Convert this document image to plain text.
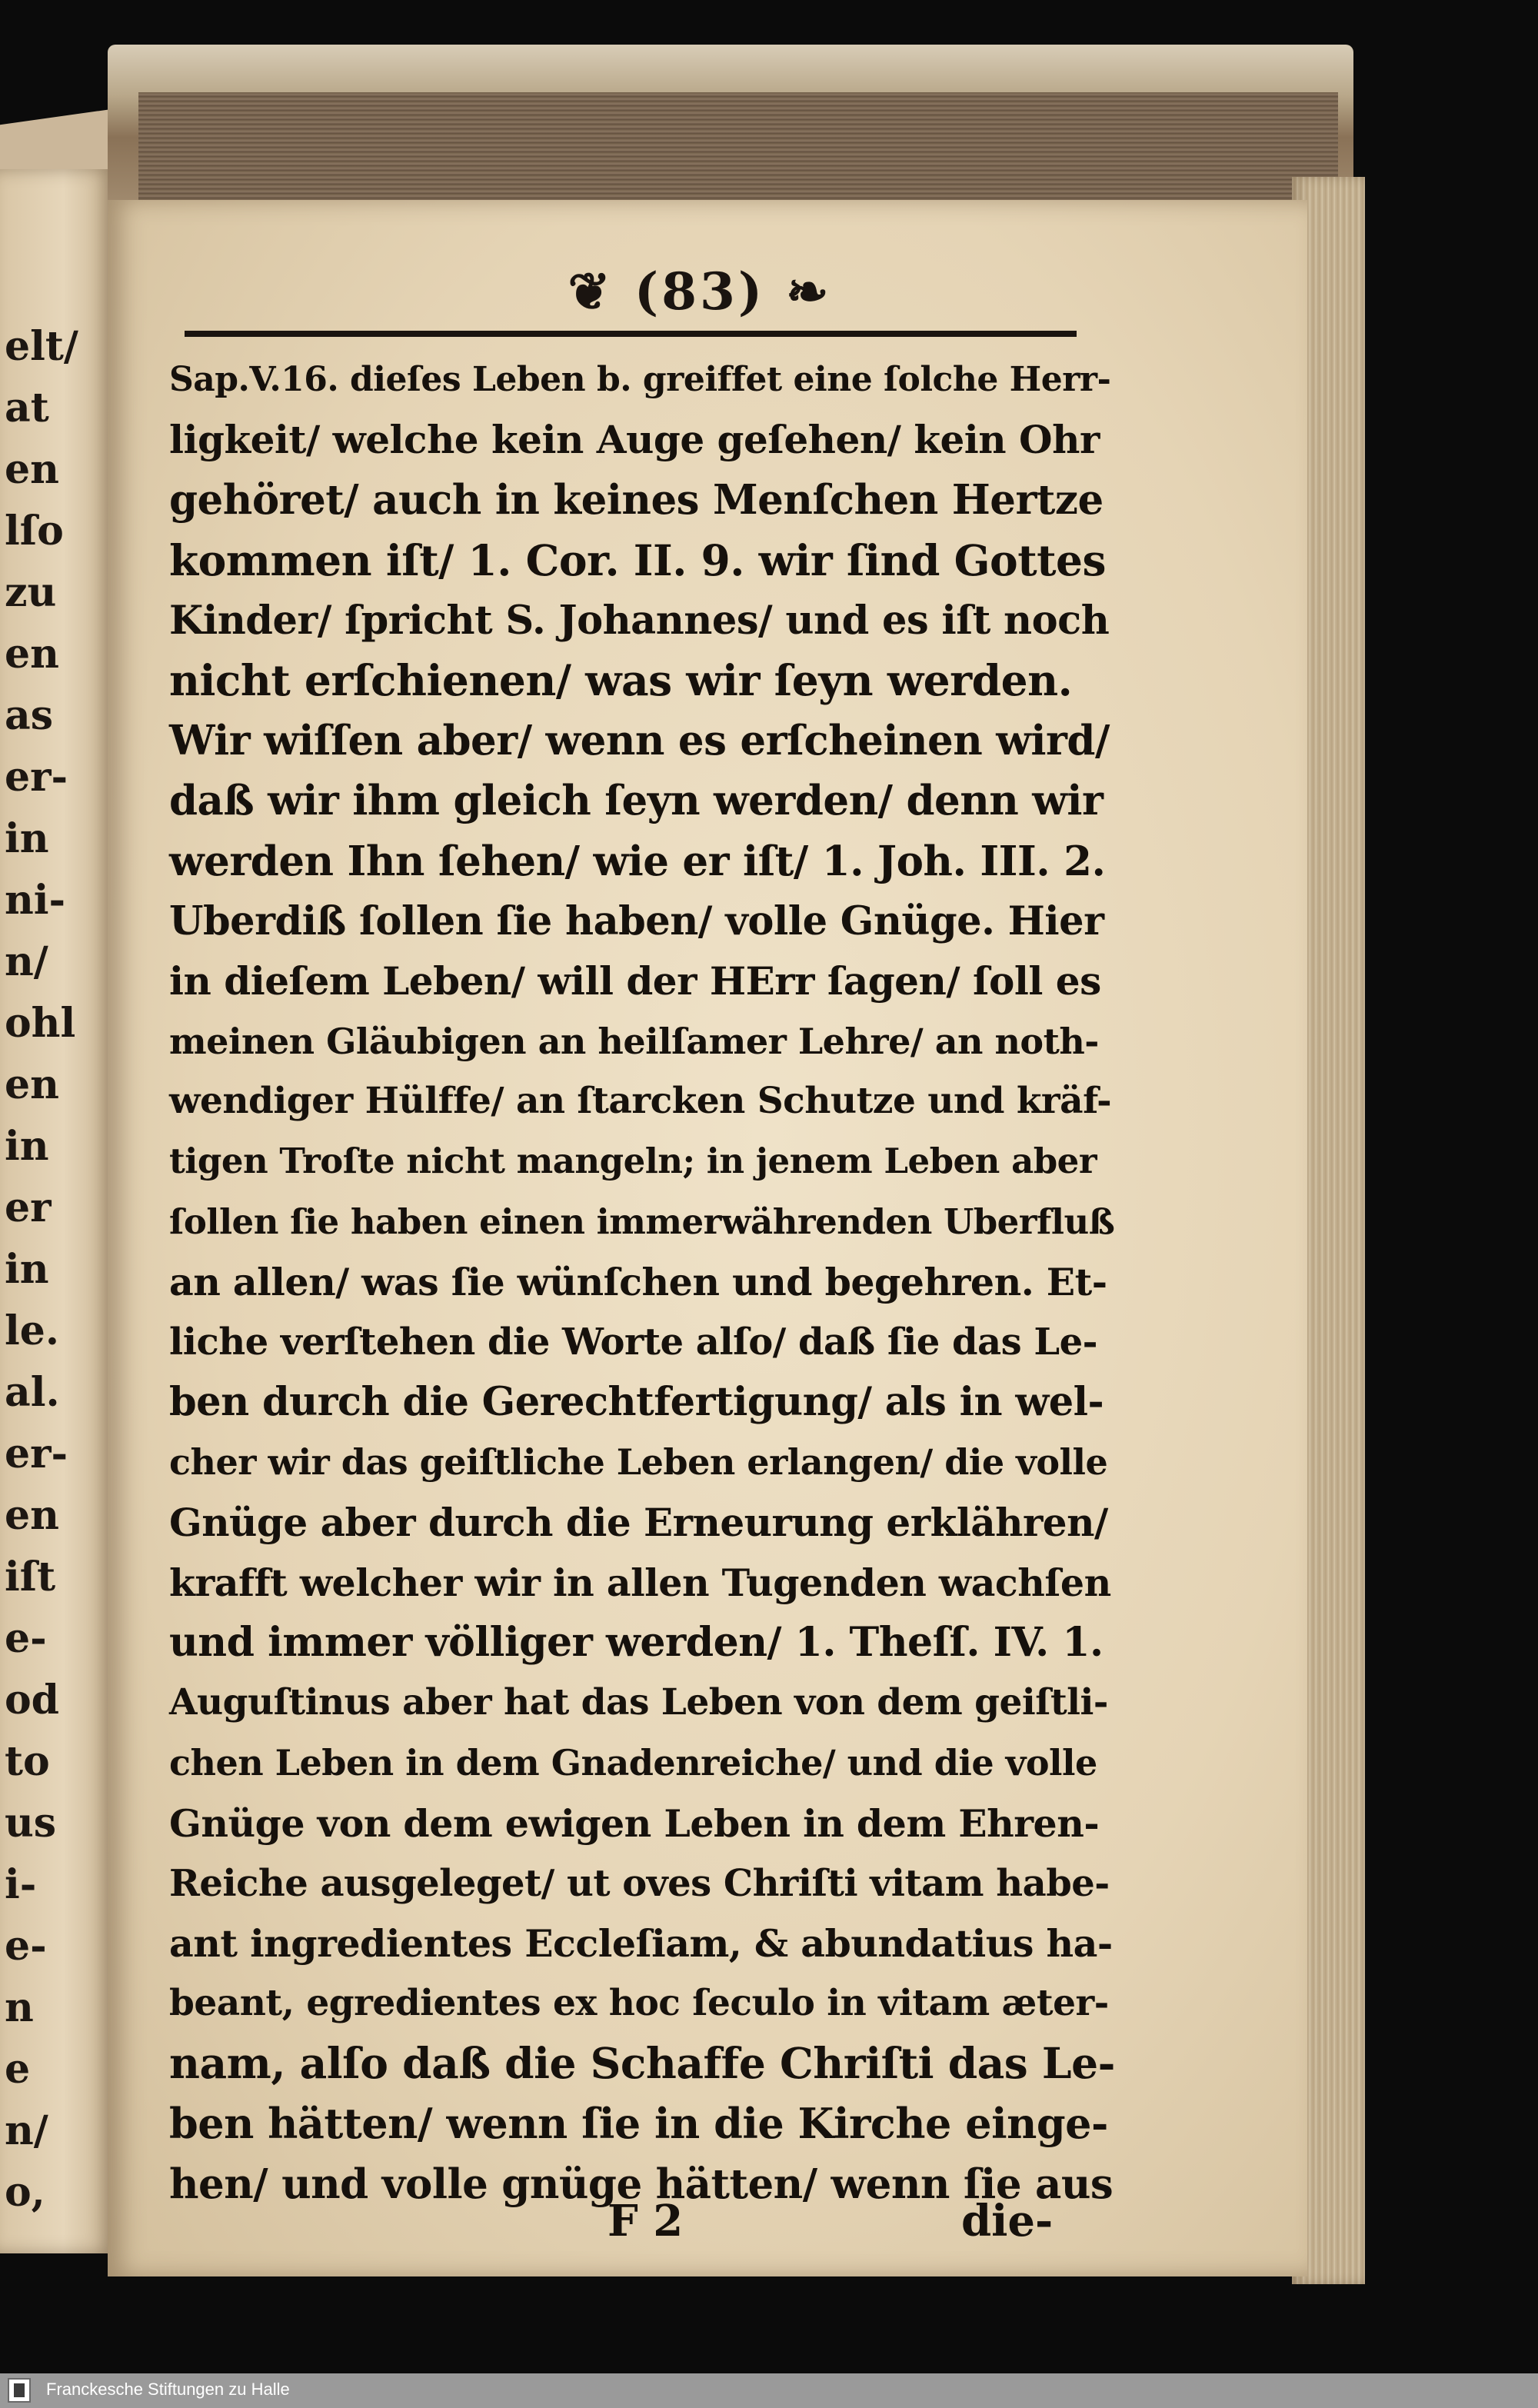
elt/
at
en
lſo
zu
en
as
er-
in
ni-
n/
ohl
en
in
er
in
le.
al.
er-
en
iſt
e-
od
to
us
i-
e-
n
e
n/
o,
❦ (83) ❧
Sap.V.16. dieſes Leben b. greiffet eine ſolche Herr-
ligkeit/ welche kein Auge geſehen/ kein Ohr
gehöret/ auch in keines Menſchen Hertze
kommen iſt/ 1. Cor. II. 9. wir ſind Gottes
Kinder/ ſpricht S. Johannes/ und es iſt noch
nicht erſchienen/ was wir ſeyn werden.
Wir wiſſen aber/ wenn es erſcheinen wird/
daß wir ihm gleich ſeyn werden/ denn wir
werden Ihn ſehen/ wie er iſt/ 1. Joh. III. 2.
Uberdiß ſollen ſie haben/ volle Gnüge. Hier
in dieſem Leben/ will der HErr ſagen/ ſoll es
meinen Gläubigen an heilſamer Lehre/ an noth-
wendiger Hülffe/ an ſtarcken Schutze und kräf-
tigen Troſte nicht mangeln; in jenem Leben aber
ſollen ſie haben einen immerwährenden Uberfluß
an allen/ was ſie wünſchen und begehren. Et-
liche verſtehen die Worte alſo/ daß ſie das Le-
ben durch die Gerechtfertigung/ als in wel-
cher wir das geiſtliche Leben erlangen/ die volle
Gnüge aber durch die Erneurung erklähren/
krafft welcher wir in allen Tugenden wachſen
und immer völliger werden/ 1. Theſſ. IV. 1.
Auguſtinus aber hat das Leben von dem geiſtli-
chen Leben in dem Gnadenreiche/ und die volle
Gnüge von dem ewigen Leben in dem Ehren-
Reiche ausgeleget/ ut oves Chriſti vitam habe-
ant ingredientes Eccleſiam, & abundatius ha-
beant, egredientes ex hoc ſeculo in vitam æter-
nam, alſo daß die Schaffe Chriſti das Le-
ben hätten/ wenn ſie in die Kirche einge-
hen/ und volle gnüge hätten/ wenn ſie aus
F 2	die-
Franckesche Stiftungen zu Halle
